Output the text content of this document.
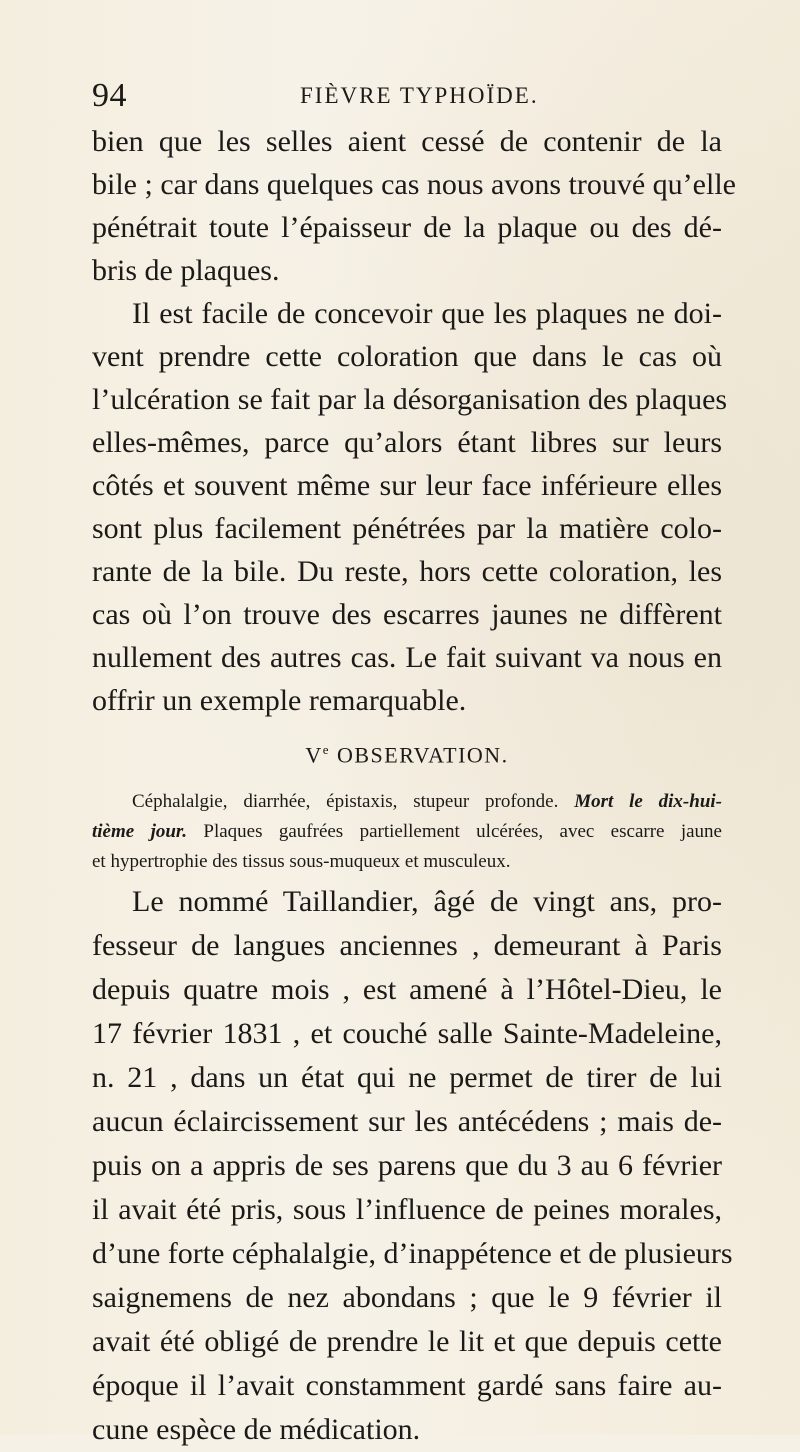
94	FIÈVRE TYPHOÏDE.
bien que les selles aient cessé de contenir de la
bile ; car dans quelques cas nous avons trouvé qu’elle
pénétrait toute l’épaisseur de la plaque ou des dé-
bris de plaques.
Il est facile de concevoir que les plaques ne doi-
vent prendre cette coloration que dans le cas où
l’ulcération se fait par la désorganisation des plaques
elles-mêmes, parce qu’alors étant libres sur leurs
côtés et souvent même sur leur face inférieure elles
sont plus facilement pénétrées par la matière colo-
rante de la bile. Du reste, hors cette coloration, les
cas où l’on trouve des escarres jaunes ne diffèrent
nullement des autres cas. Le fait suivant va nous en
offrir un exemple remarquable.
Ve OBSERVATION.
Céphalalgie, diarrhée, épistaxis, stupeur profonde. Mort le dix-hui-
tième jour. Plaques gaufrées partiellement ulcérées, avec escarre jaune
et hypertrophie des tissus sous-muqueux et musculeux.
Le nommé Taillandier, âgé de vingt ans, pro-
fesseur de langues anciennes , demeurant à Paris
depuis quatre mois , est amené à l’Hôtel-Dieu, le
17 février 1831 , et couché salle Sainte-Madeleine,
n. 21 , dans un état qui ne permet de tirer de lui
aucun éclaircissement sur les antécédens ; mais de-
puis on a appris de ses parens que du 3 au 6 février
il avait été pris, sous l’influence de peines morales,
d’une forte céphalalgie, d’inappétence et de plusieurs
saignemens de nez abondans ; que le 9 février il
avait été obligé de prendre le lit et que depuis cette
époque il l’avait constamment gardé sans faire au-
cune espèce de médication.
